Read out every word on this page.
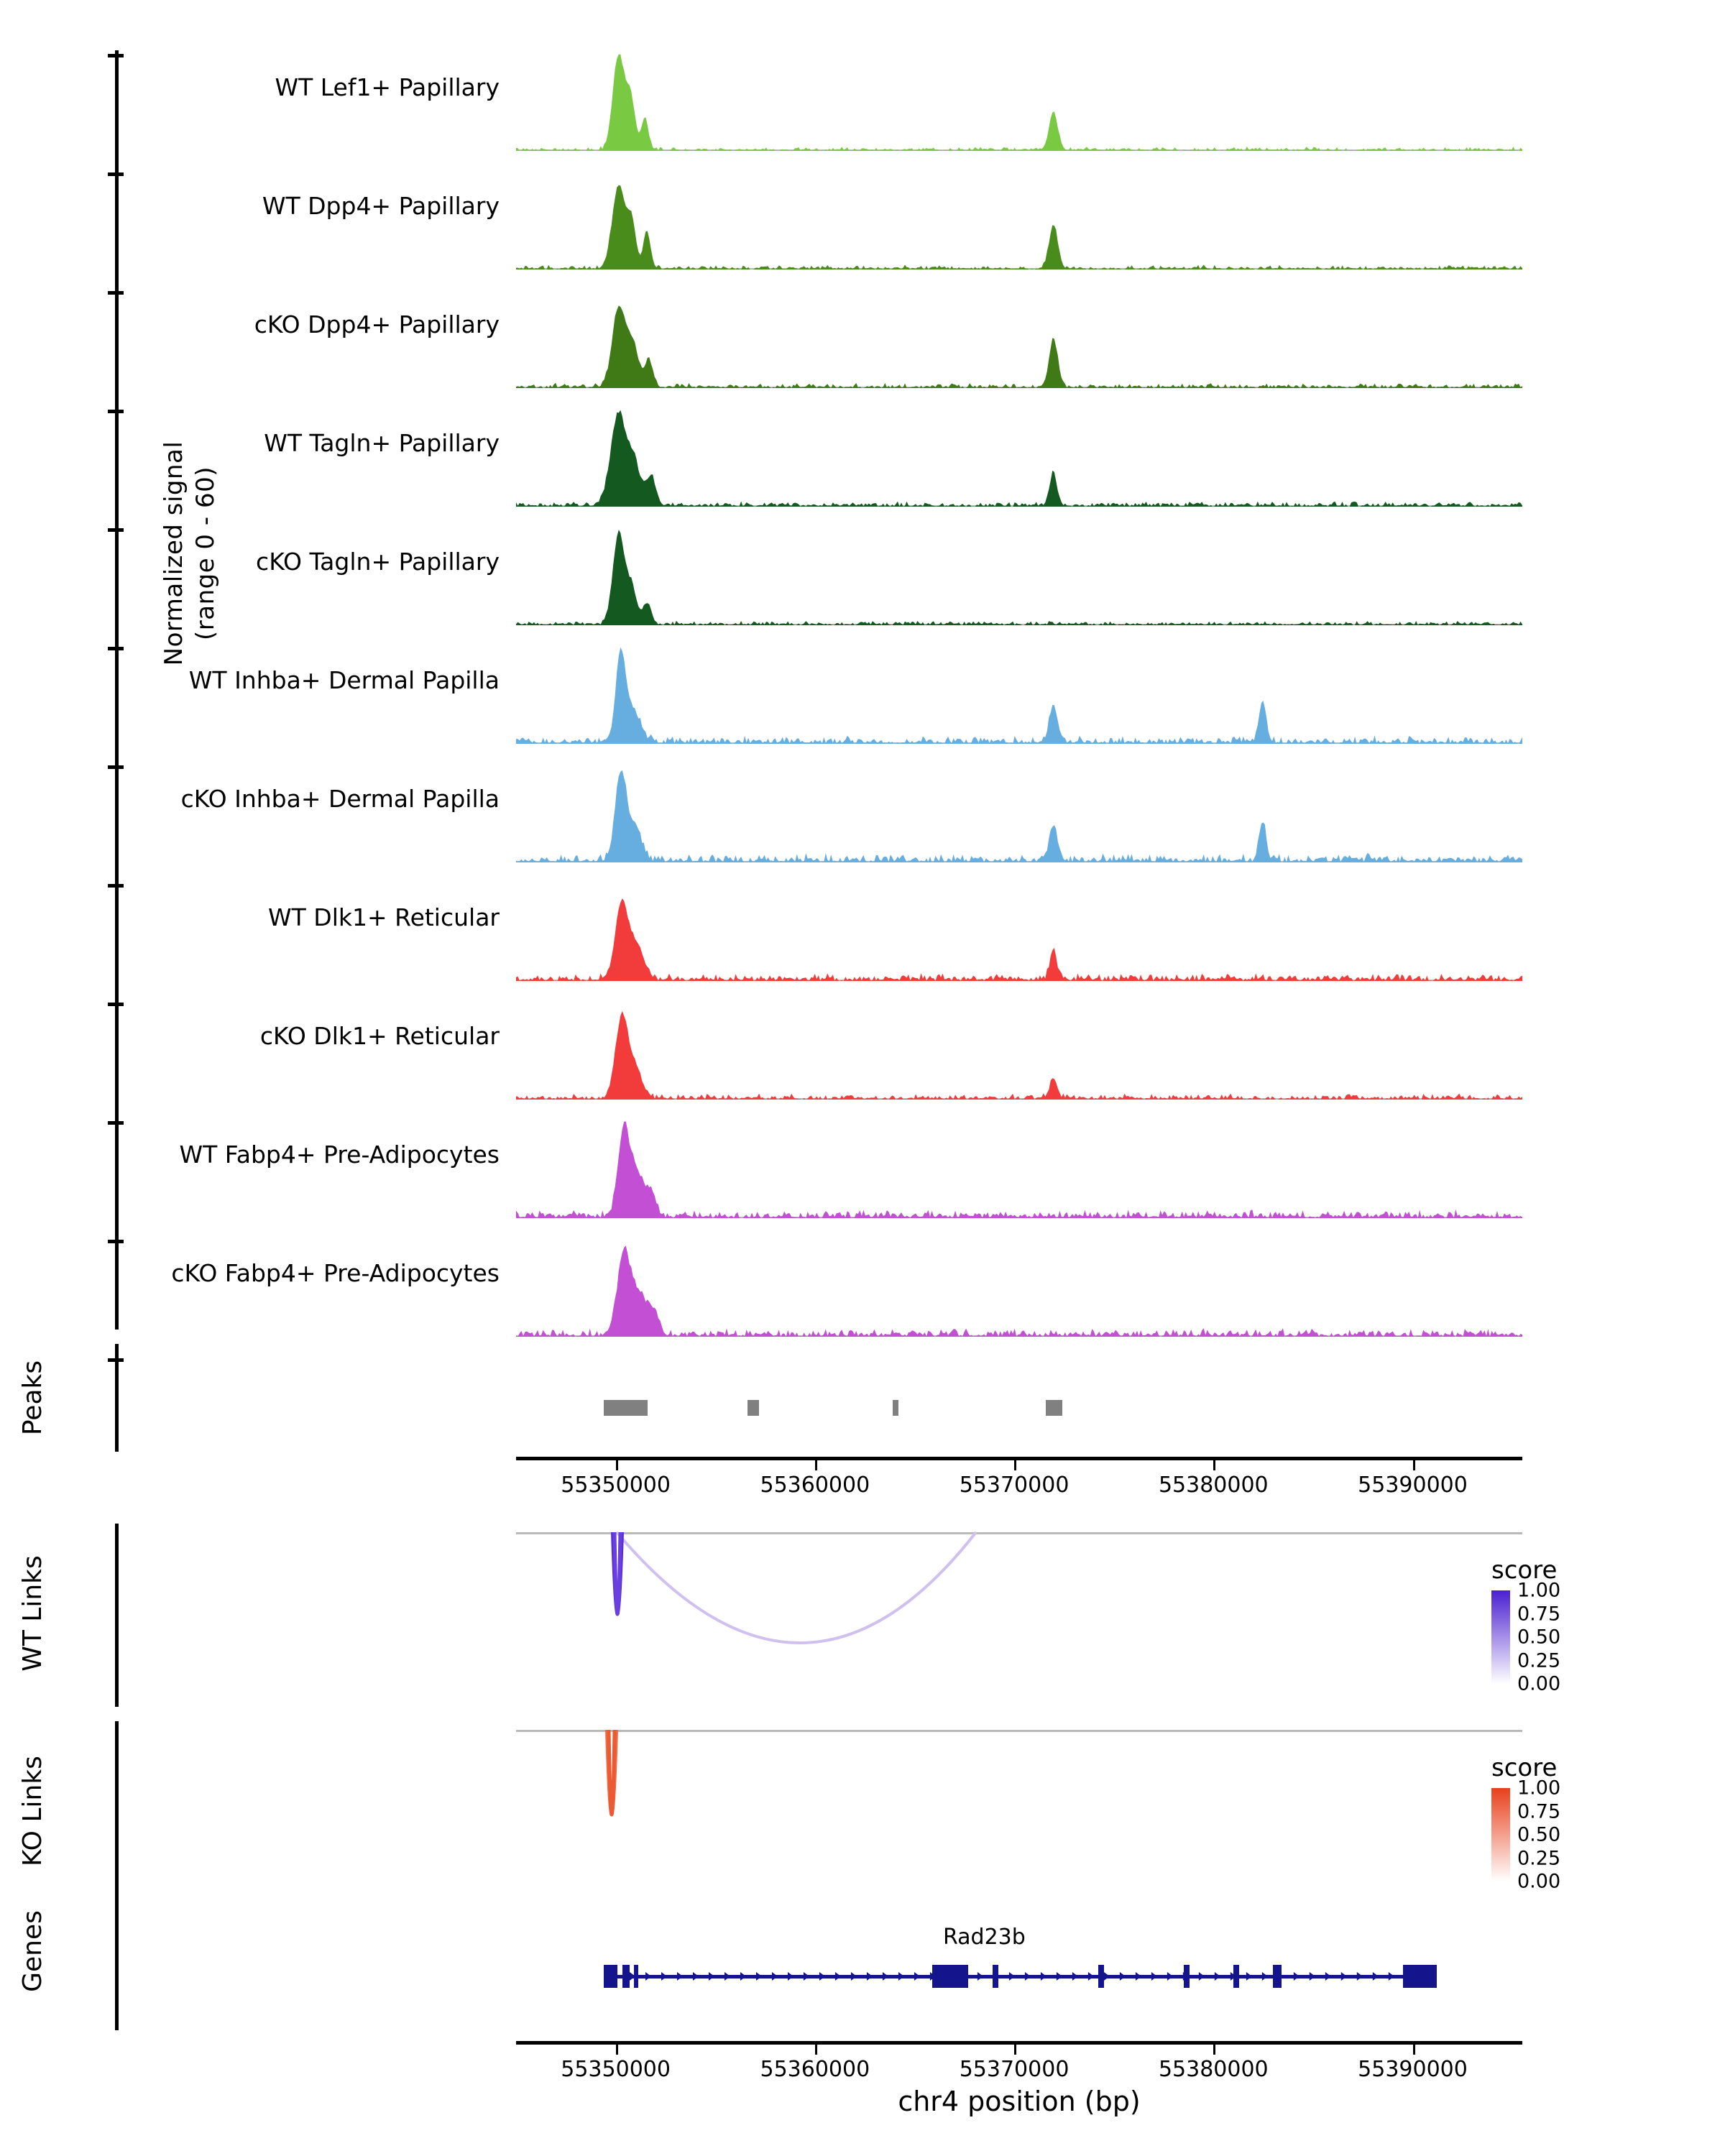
Normalized signal (range 0 - 60)
WT Lef1+ Papillary
WT Dpp4+ Papillary
cKO Dpp4+ Papillary
WT Tagln+ Papillary
cKO Tagln+ Papillary
WT Inhba+ Dermal Papilla
cKO Inhba+ Dermal Papilla
WT Dlk1+ Reticular
cKO Dlk1+ Reticular
WT Fabp4+ Pre-Adipocytes
cKO Fabp4+ Pre-Adipocytes
Peaks
55350000	55360000	55370000	55380000	55390000
WT Links	score
1.00
0.75
0.50
0.25
0.00
KO Links	score
1.00
0.75
0.50
0.25
0.00
Genes	Rad23b
chr4 position (bp)
55350000	55360000	55370000	55380000	55390000
